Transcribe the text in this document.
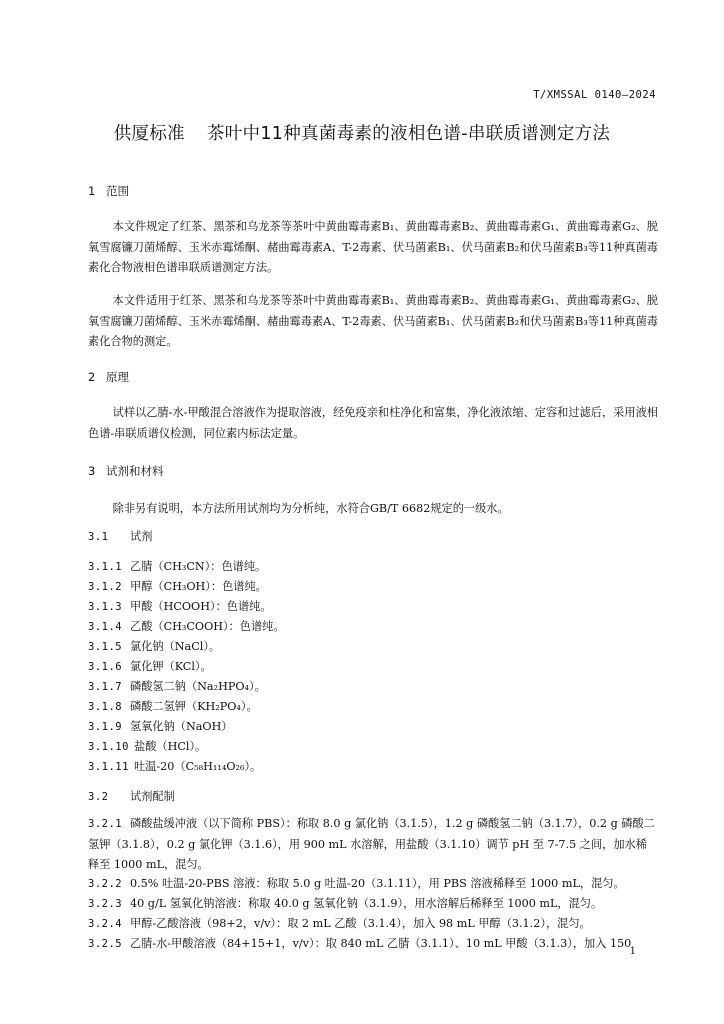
T/XMSSAL 0140—2024
供厦标准 茶叶中11种真菌毒素的液相色谱-串联质谱测定方法
1 范围
本文件规定了红茶、黑茶和乌龙茶等茶叶中黄曲霉毒素B₁、黄曲霉毒素B₂、黄曲霉毒素G₁、黄曲霉毒素G₂、脱氧雪腐镰刀菌烯醇、玉米赤霉烯酮、赭曲霉毒素A、T-2毒素、伏马菌素B₁、伏马菌素B₂和伏马菌素B₃等11种真菌毒素化合物液相色谱串联质谱测定方法。
本文件适用于红茶、黑茶和乌龙茶等茶叶中黄曲霉毒素B₁、黄曲霉毒素B₂、黄曲霉毒素G₁、黄曲霉毒素G₂、脱氧雪腐镰刀菌烯醇、玉米赤霉烯酮、赭曲霉毒素A、T-2毒素、伏马菌素B₁、伏马菌素B₂和伏马菌素B₃等11种真菌毒素化合物的测定。
2 原理
试样以乙腈-水-甲酸混合溶液作为提取溶液，经免疫亲和柱净化和富集，净化液浓缩、定容和过滤后，采用液相色谱-串联质谱仪检测，同位素内标法定量。
3 试剂和材料
除非另有说明，本方法所用试剂均为分析纯，水符合GB/T 6682规定的一级水。
3.1 试剂
3.1.1 乙腈（CH₃CN）：色谱纯。
3.1.2 甲醇（CH₃OH）：色谱纯。
3.1.3 甲酸（HCOOH）：色谱纯。
3.1.4 乙酸（CH₃COOH）：色谱纯。
3.1.5 氯化钠（NaCl）。
3.1.6 氯化钾（KCl）。
3.1.7 磷酸氢二钠（Na₂HPO₄）。
3.1.8 磷酸二氢钾（KH₂PO₄）。
3.1.9 氢氧化钠（NaOH）
3.1.10 盐酸（HCl）。
3.1.11 吐温-20（C₅₈H₁₁₄O₂₆）。
3.2 试剂配制
3.2.1 磷酸盐缓冲液（以下简称 PBS）：称取 8.0 g 氯化钠（3.1.5），1.2 g 磷酸氢二钠（3.1.7），0.2 g 磷酸二氢钾（3.1.8），0.2 g 氯化钾（3.1.6），用 900 mL 水溶解，用盐酸（3.1.10）调节 pH 至 7-7.5 之间，加水稀释至 1000 mL，混匀。
3.2.2 0.5% 吐温-20-PBS 溶液：称取 5.0 g 吐温-20（3.1.11），用 PBS 溶液稀释至 1000 mL，混匀。
3.2.3 40 g/L 氢氧化钠溶液：称取 40.0 g 氢氧化钠（3.1.9），用水溶解后稀释至 1000 mL，混匀。
3.2.4 甲醇-乙酸溶液（98+2，v/v）：取 2 mL 乙酸（3.1.4），加入 98 mL 甲醇（3.1.2），混匀。
3.2.5 乙腈-水-甲酸溶液（84+15+1，v/v）：取 840 mL 乙腈（3.1.1）、10 mL 甲酸（3.1.3），加入 150
1
